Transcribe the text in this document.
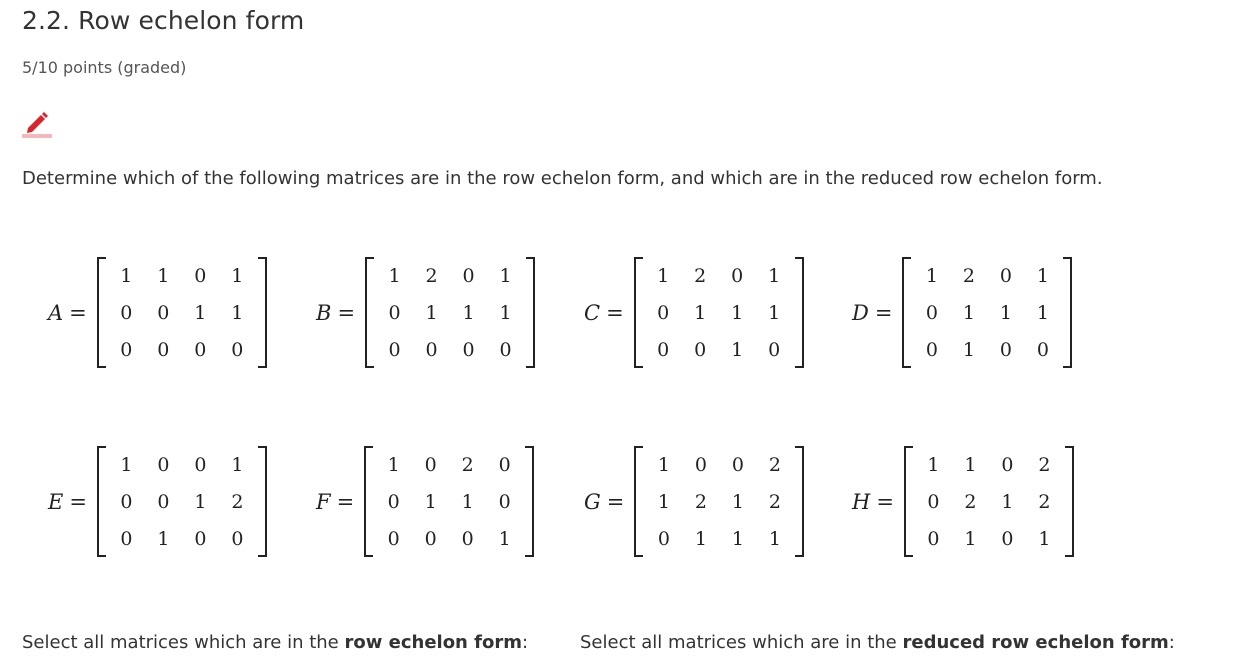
2.2. Row echelon form
5/10 points (graded)
Determine which of the following matrices are in the row echelon form, and which are in the reduced row echelon form.
A =
1	1	0	1
0	0	1	1
0	0	0	0
B =
1	2	0	1
0	1	1	1
0	0	0	0
C =
1	2	0	1
0	1	1	1
0	0	1	0
D =
1	2	0	1
0	1	1	1
0	1	0	0
E =
1	0	0	1
0	0	1	2
0	1	0	0
F =
1	0	2	0
0	1	1	0
0	0	0	1
G =
1	0	0	2
1	2	1	2
0	1	1	1
H =
1	1	0	2
0	2	1	2
0	1	0	1
Select all matrices which are in the row echelon form:	Select all matrices which are in the reduced row echelon form:
